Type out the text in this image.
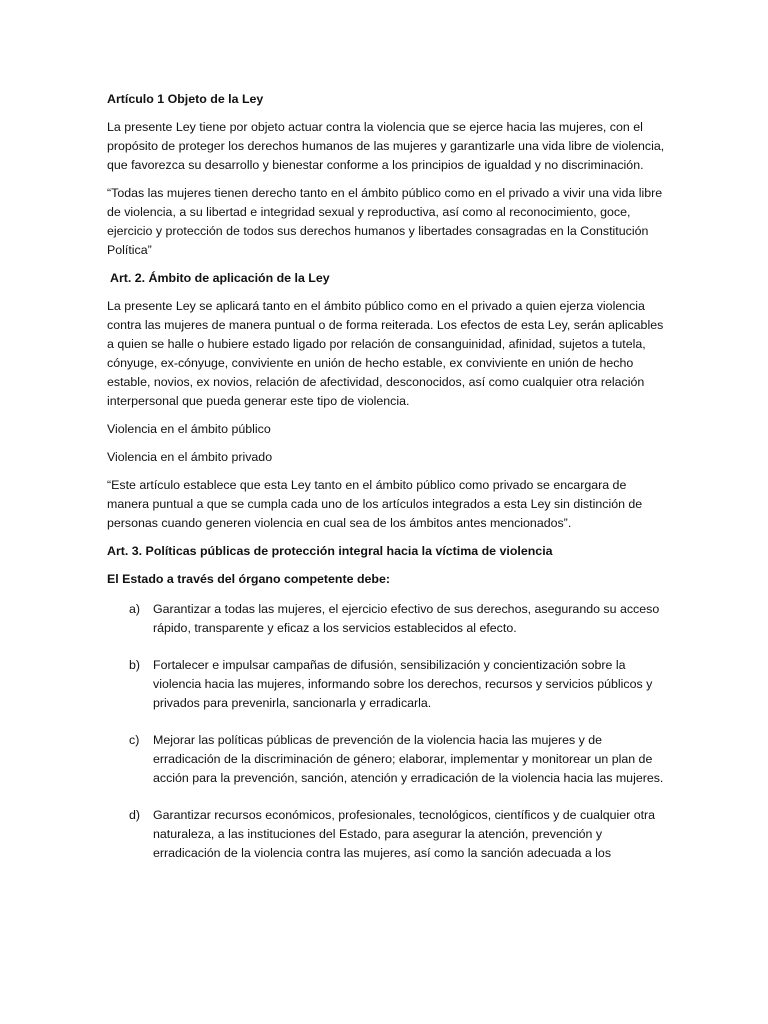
Artículo 1 Objeto de la Ley

La presente Ley tiene por objeto actuar contra la violencia que se ejerce hacia las mujeres, con el propósito de proteger los derechos humanos de las mujeres y garantizarle una vida libre de violencia, que favorezca su desarrollo y bienestar conforme a los principios de igualdad y no discriminación.

“Todas las mujeres tienen derecho tanto en el ámbito público como en el privado a vivir una vida libre de violencia, a su libertad e integridad sexual y reproductiva, así como al reconocimiento, goce, ejercicio y protección de todos sus derechos humanos y libertades consagradas en la Constitución Política”

Art. 2. Ámbito de aplicación de la Ley

La presente Ley se aplicará tanto en el ámbito público como en el privado a quien ejerza violencia contra las mujeres de manera puntual o de forma reiterada. Los efectos de esta Ley, serán aplicables a quien se halle o hubiere estado ligado por relación de consanguinidad, afinidad, sujetos a tutela, cónyuge, ex-cónyuge, conviviente en unión de hecho estable, ex conviviente en unión de hecho estable, novios, ex novios, relación de afectividad, desconocidos, así como cualquier otra relación interpersonal que pueda generar este tipo de violencia.

Violencia en el ámbito público

Violencia en el ámbito privado

“Este artículo establece que esta Ley tanto en el ámbito público como privado se encargara de manera puntual a que se cumpla cada uno de los artículos integrados a esta Ley sin distinción de personas cuando generen violencia en cual sea de los ámbitos antes mencionados”.

Art. 3. Políticas públicas de protección integral hacia la víctima de violencia

El Estado a través del órgano competente debe:

a) Garantizar a todas las mujeres, el ejercicio efectivo de sus derechos, asegurando su acceso rápido, transparente y eficaz a los servicios establecidos al efecto.
b) Fortalecer e impulsar campañas de difusión, sensibilización y concientización sobre la violencia hacia las mujeres, informando sobre los derechos, recursos y servicios públicos y privados para prevenirla, sancionarla y erradicarla.
c) Mejorar las políticas públicas de prevención de la violencia hacia las mujeres y de erradicación de la discriminación de género; elaborar, implementar y monitorear un plan de acción para la prevención, sanción, atención y erradicación de la violencia hacia las mujeres.
d) Garantizar recursos económicos, profesionales, tecnológicos, científicos y de cualquier otra naturaleza, a las instituciones del Estado, para asegurar la atención, prevención y erradicación de la violencia contra las mujeres, así como la sanción adecuada a los
